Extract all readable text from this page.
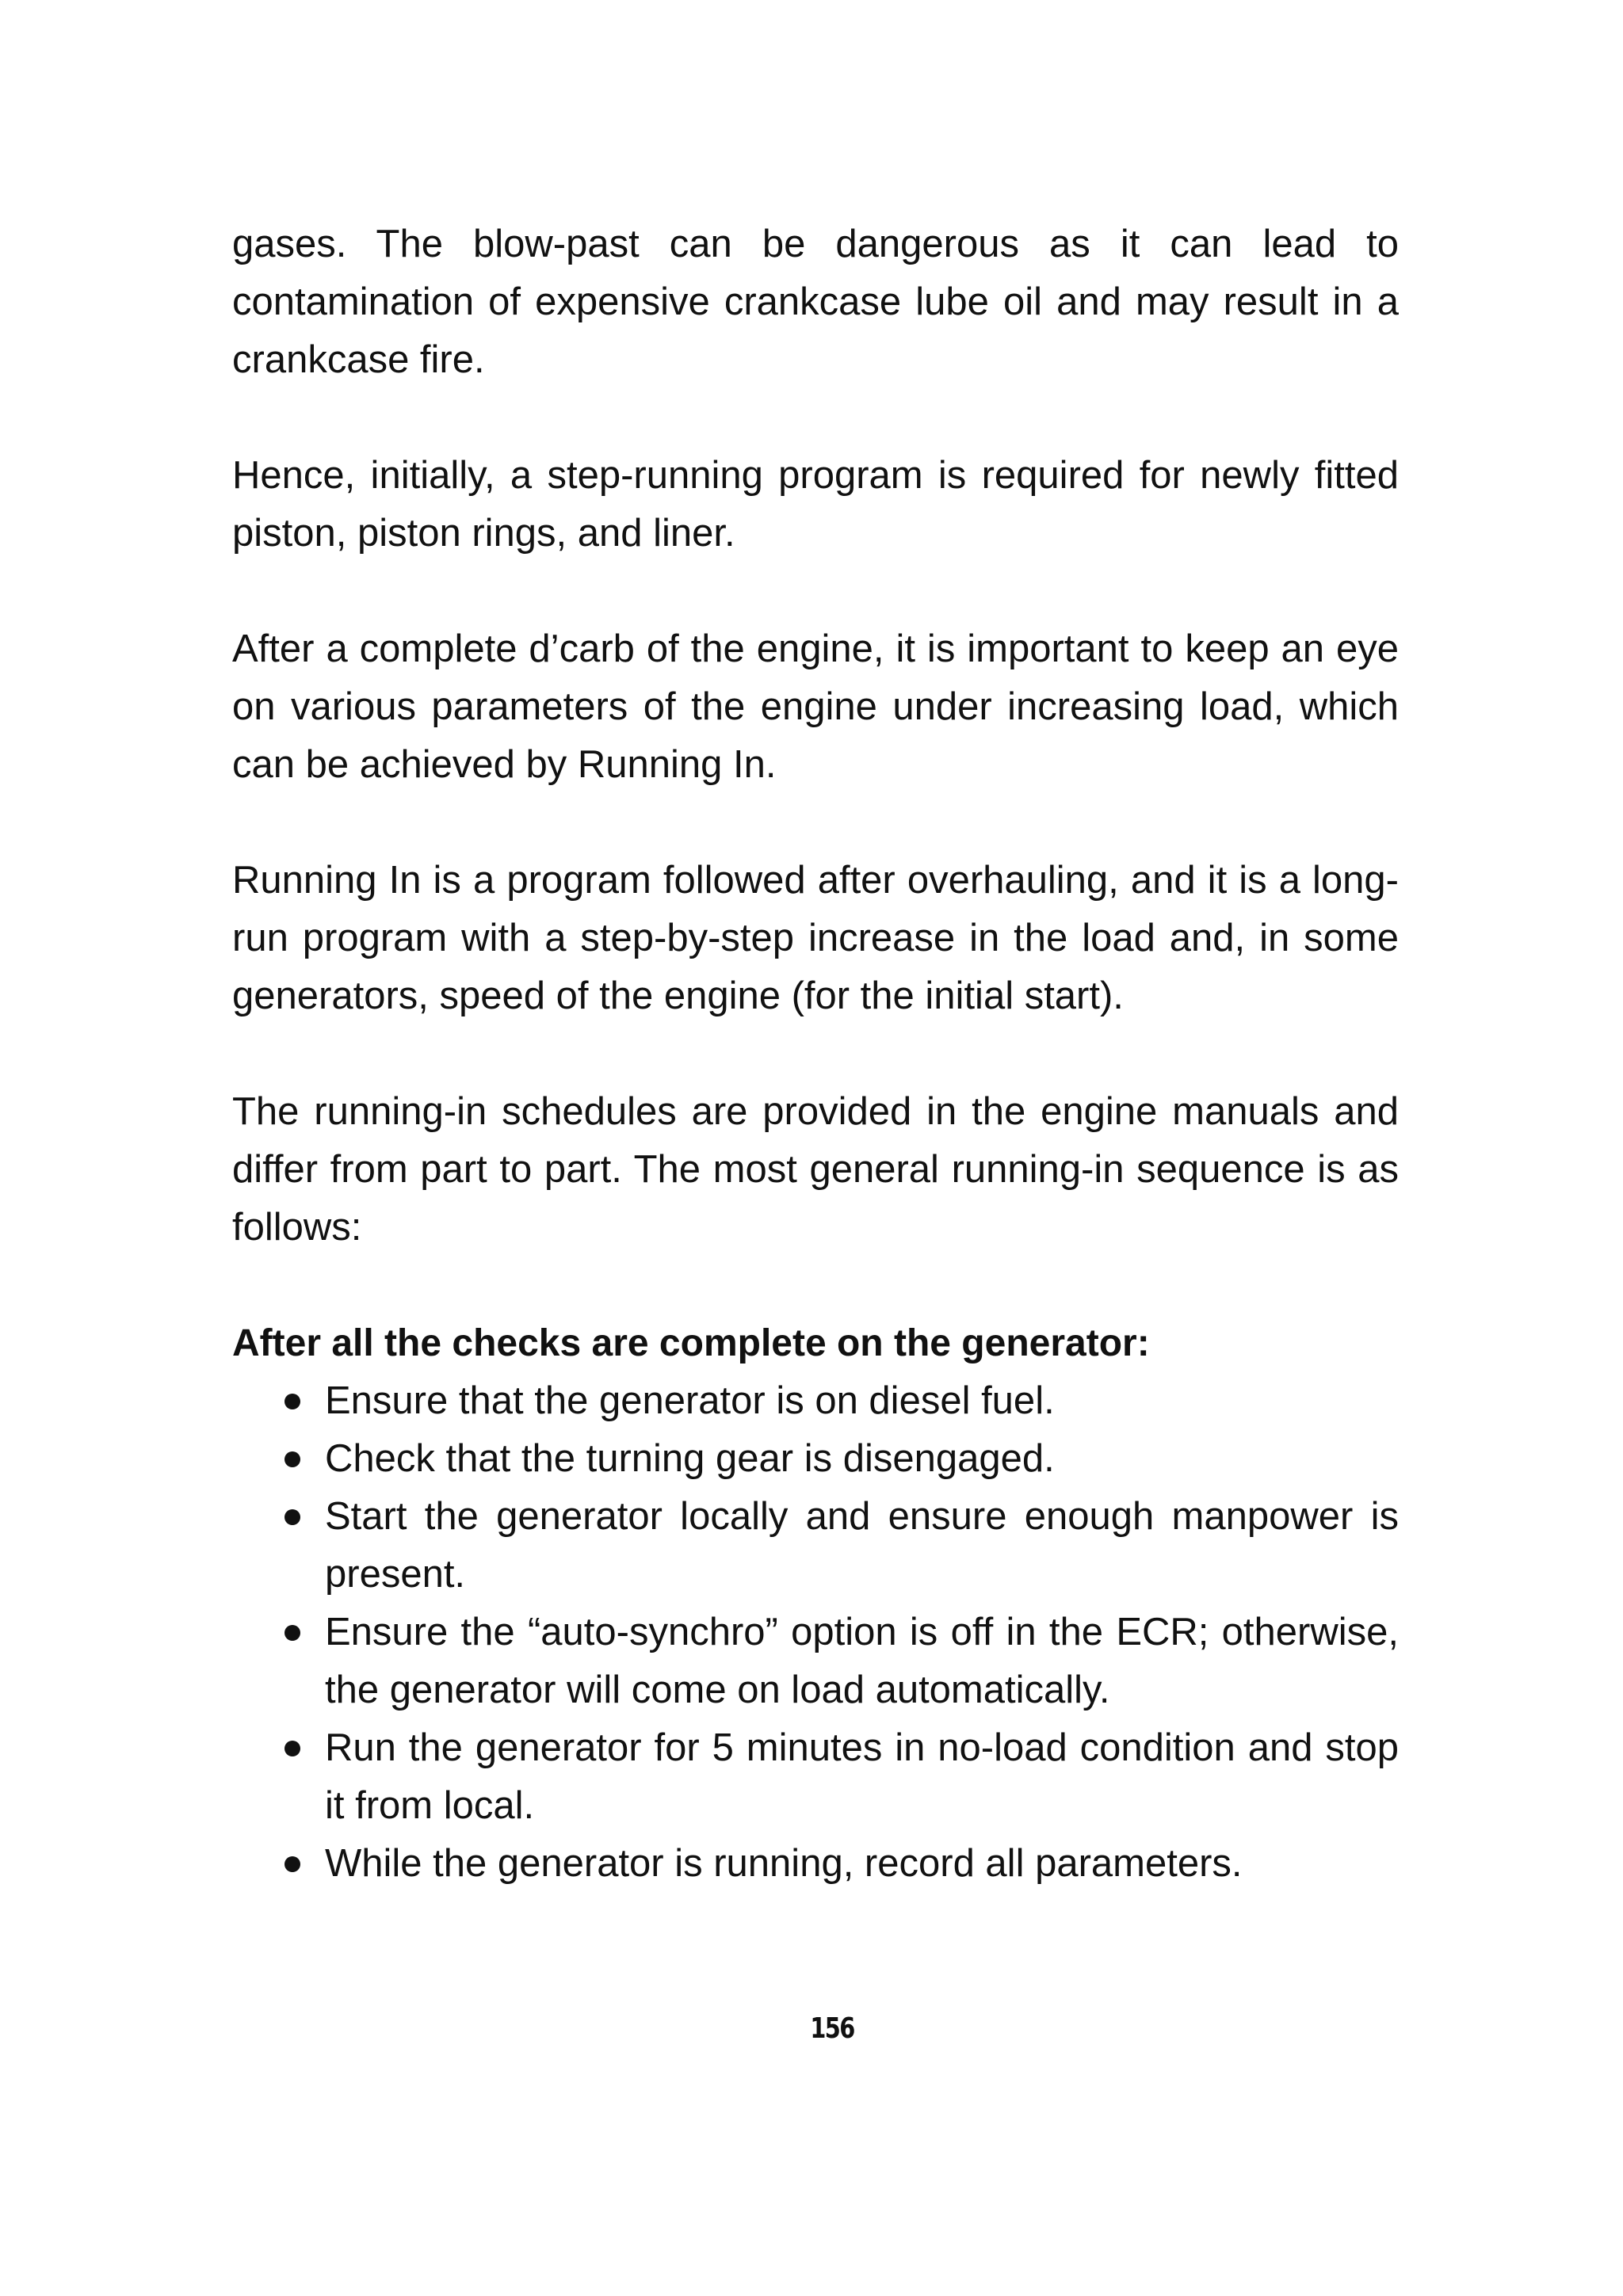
gases. The blow-past can be dangerous as it can lead to contamination of expensive crankcase lube oil and may result in a crankcase fire.

Hence, initially, a step-running program is required for newly fitted piston, piston rings, and liner.

After a complete d’carb of the engine, it is important to keep an eye on various parameters of the engine under increasing load, which can be achieved by Running In.

Running In is a program followed after overhauling, and it is a long-run program with a step-by-step increase in the load and, in some generators, speed of the engine (for the initial start).

The running-in schedules are provided in the engine manuals and differ from part to part. The most general running-in sequence is as follows:

After all the checks are complete on the generator:
Ensure that the generator is on diesel fuel.
Check that the turning gear is disengaged.
Start the generator locally and ensure enough manpower is present.
Ensure the “auto-synchro” option is off in the ECR; otherwise, the generator will come on load automatically.
Run the generator for 5 minutes in no-load condition and stop it from local.
While the generator is running, record all parameters.
156
